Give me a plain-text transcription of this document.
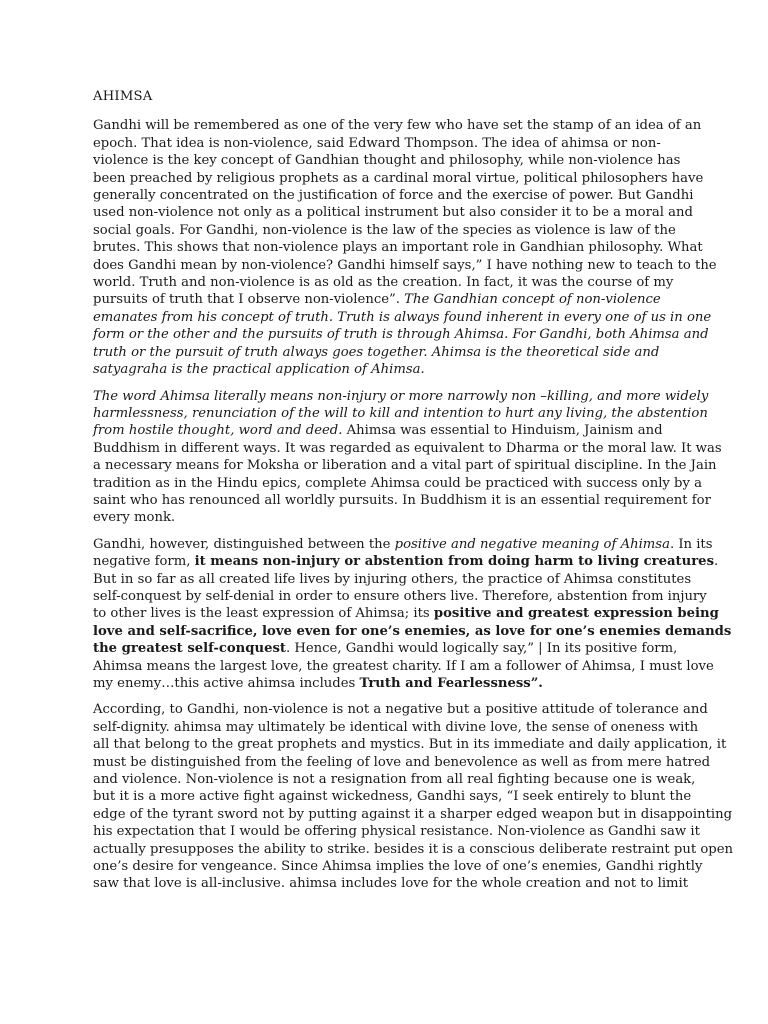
AHIMSA

Gandhi will be remembered as one of the very few who have set the stamp of an idea of an
epoch. That idea is non-violence, said Edward Thompson. The idea of ahimsa or non-
violence is the key concept of Gandhian thought and philosophy, while non-violence has
been preached by religious prophets as a cardinal moral virtue, political philosophers have
generally concentrated on the justification of force and the exercise of power. But Gandhi
used non-violence not only as a political instrument but also consider it to be a moral and
social goals. For Gandhi, non-violence is the law of the species as violence is law of the
brutes. This shows that non-violence plays an important role in Gandhian philosophy. What
does Gandhi mean by non-violence? Gandhi himself says,” I have nothing new to teach to the
world. Truth and non-violence is as old as the creation. In fact, it was the course of my
pursuits of truth that I observe non-violence”. The Gandhian concept of non-violence
emanates from his concept of truth. Truth is always found inherent in every one of us in one
form or the other and the pursuits of truth is through Ahimsa. For Gandhi, both Ahimsa and
truth or the pursuit of truth always goes together. Ahimsa is the theoretical side and
satyagraha is the practical application of Ahimsa.

The word Ahimsa literally means non-injury or more narrowly non –killing, and more widely
harmlessness, renunciation of the will to kill and intention to hurt any living, the abstention
from hostile thought, word and deed. Ahimsa was essential to Hinduism, Jainism and
Buddhism in different ways. It was regarded as equivalent to Dharma or the moral law. It was
a necessary means for Moksha or liberation and a vital part of spiritual discipline. In the Jain
tradition as in the Hindu epics, complete Ahimsa could be practiced with success only by a
saint who has renounced all worldly pursuits. In Buddhism it is an essential requirement for
every monk.

Gandhi, however, distinguished between the positive and negative meaning of Ahimsa. In its
negative form, it means non-injury or abstention from doing harm to living creatures.
But in so far as all created life lives by injuring others, the practice of Ahimsa constitutes
self-conquest by self-denial in order to ensure others live. Therefore, abstention from injury
to other lives is the least expression of Ahimsa; its positive and greatest expression being
love and self-sacrifice, love even for one’s enemies, as love for one’s enemies demands
the greatest self-conquest. Hence, Gandhi would logically say,” | In its positive form,
Ahimsa means the largest love, the greatest charity. If I am a follower of Ahimsa, I must love
my enemy…this active ahimsa includes Truth and Fearlessness”.

According, to Gandhi, non-violence is not a negative but a positive attitude of tolerance and
self-dignity. ahimsa may ultimately be identical with divine love, the sense of oneness with
all that belong to the great prophets and mystics. But in its immediate and daily application, it
must be distinguished from the feeling of love and benevolence as well as from mere hatred
and violence. Non-violence is not a resignation from all real fighting because one is weak,
but it is a more active fight against wickedness, Gandhi says, “I seek entirely to blunt the
edge of the tyrant sword not by putting against it a sharper edged weapon but in disappointing
his expectation that I would be offering physical resistance. Non-violence as Gandhi saw it
actually presupposes the ability to strike. besides it is a conscious deliberate restraint put open
one’s desire for vengeance. Since Ahimsa implies the love of one’s enemies, Gandhi rightly
saw that love is all-inclusive. ahimsa includes love for the whole creation and not to limit
